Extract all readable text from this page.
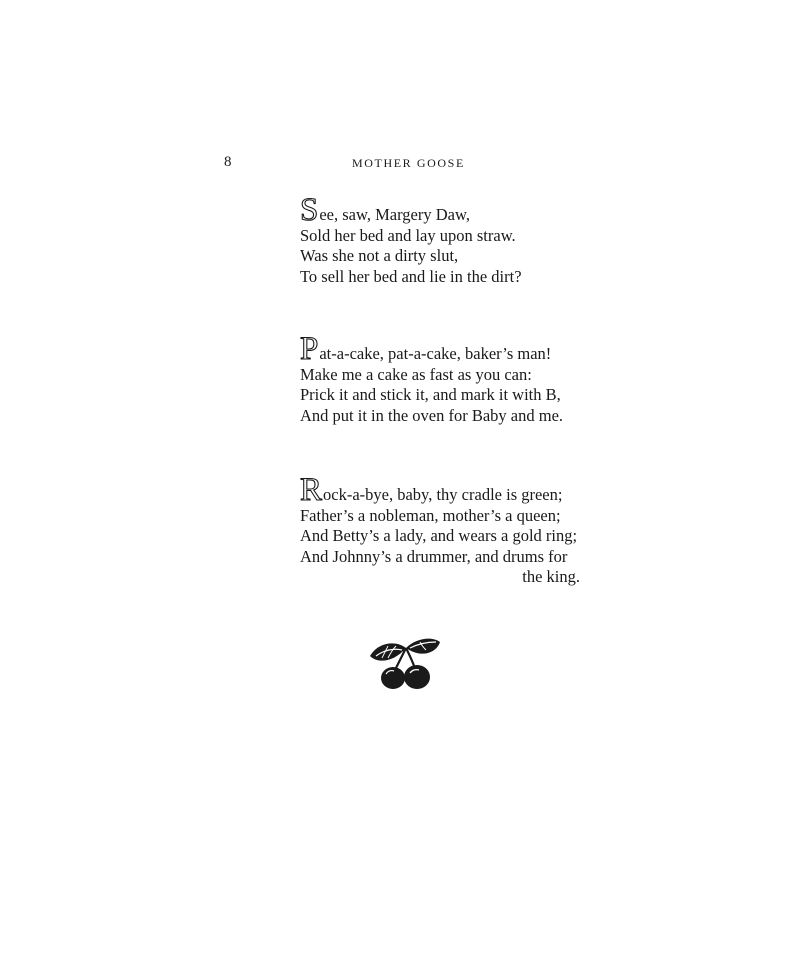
8	MOTHER GOOSE

See, saw, Margery Daw,

Sold her bed and lay upon straw.

Was she not a dirty slut,

To sell her bed and lie in the dirt?

Pat-a-cake, pat-a-cake, baker’s man!

Make me a cake as fast as you can:

Prick it and stick it, and mark it with B,

And put it in the oven for Baby and me.

Rock-a-bye, baby, thy cradle is green;

Father’s a nobleman, mother’s a queen;

And Betty’s a lady, and wears a gold ring;

And Johnny’s a drummer, and drums for

the king.
